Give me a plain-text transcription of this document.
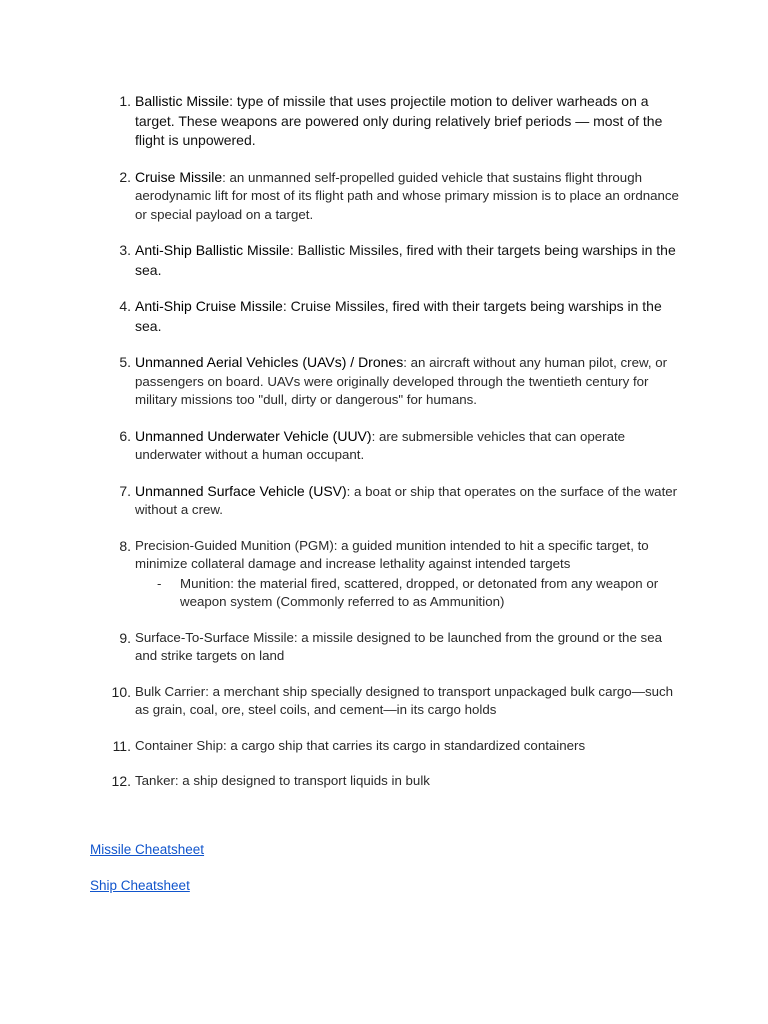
1. Ballistic Missile: type of missile that uses projectile motion to deliver warheads on a target. These weapons are powered only during relatively brief periods — most of the flight is unpowered.
2. Cruise Missile: an unmanned self-propelled guided vehicle that sustains flight through aerodynamic lift for most of its flight path and whose primary mission is to place an ordnance or special payload on a target.
3. Anti-Ship Ballistic Missile: Ballistic Missiles, fired with their targets being warships in the sea.
4. Anti-Ship Cruise Missile: Cruise Missiles, fired with their targets being warships in the sea.
5. Unmanned Aerial Vehicles (UAVs) / Drones: an aircraft without any human pilot, crew, or passengers on board. UAVs were originally developed through the twentieth century for military missions too "dull, dirty or dangerous" for humans.
6. Unmanned Underwater Vehicle (UUV): are submersible vehicles that can operate underwater without a human occupant.
7. Unmanned Surface Vehicle (USV): a boat or ship that operates on the surface of the water without a crew.
8. Precision-Guided Munition (PGM): a guided munition intended to hit a specific target, to minimize collateral damage and increase lethality against intended targets
- Munition: the material fired, scattered, dropped, or detonated from any weapon or weapon system (Commonly referred to as Ammunition)
9. Surface-To-Surface Missile: a missile designed to be launched from the ground or the sea and strike targets on land
10. Bulk Carrier: a merchant ship specially designed to transport unpackaged bulk cargo—such as grain, coal, ore, steel coils, and cement—in its cargo holds
11. Container Ship: a cargo ship that carries its cargo in standardized containers
12. Tanker: a ship designed to transport liquids in bulk
Missile Cheatsheet
Ship Cheatsheet
